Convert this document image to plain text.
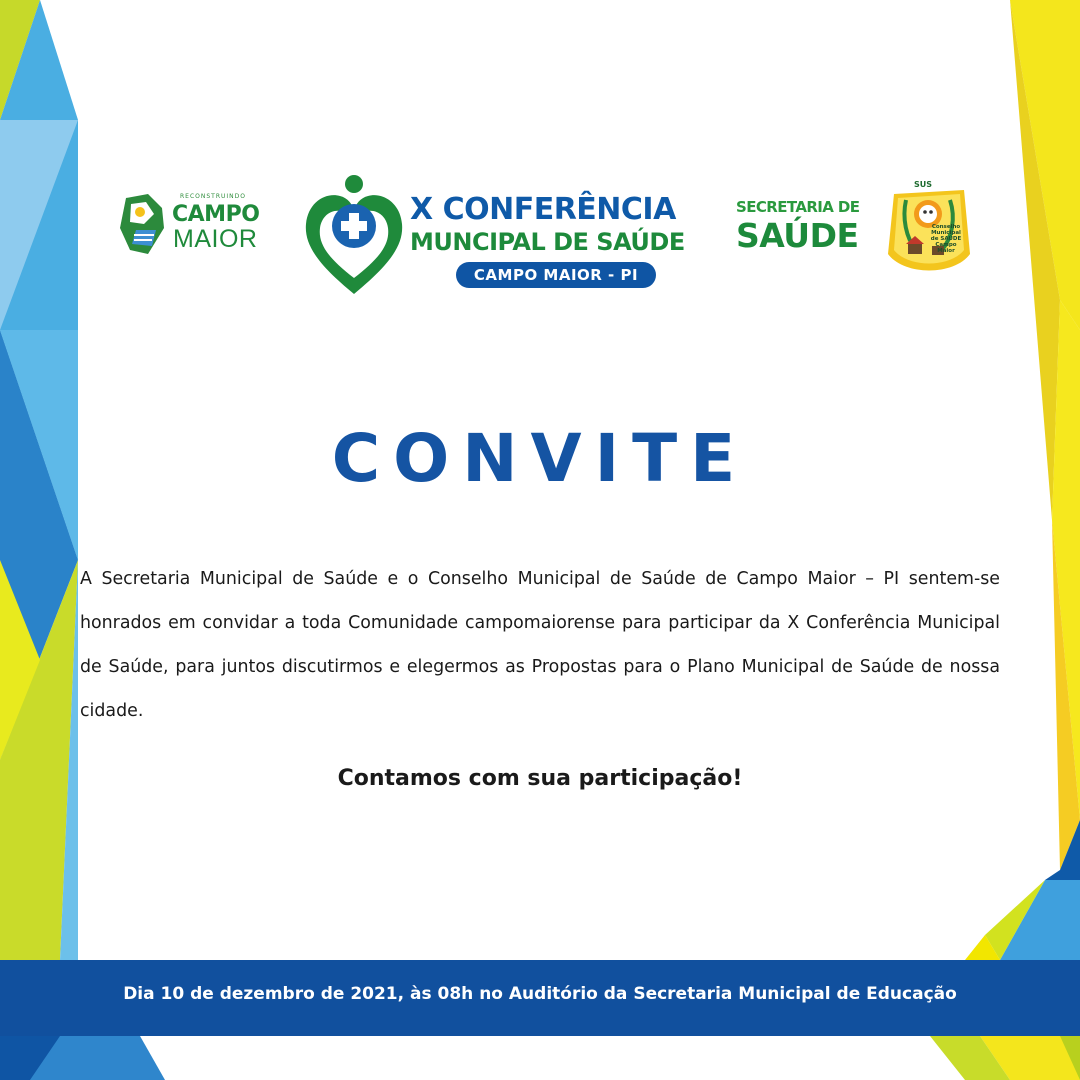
RECONSTRUINDO
CAMPO
MAIOR
X CONFERÊNCIA
MUNCIPAL DE SAÚDE
CAMPO MAIOR - PI
SECRETARIA DE
SAÚDE
SUS
Conselho Municipal de SAÚDE Campo Maior
CONVITE
A Secretaria Municipal de Saúde e o Conselho Municipal de Saúde de Campo Maior – PI sentem-se honrados em convidar a toda Comunidade campomaiorense para participar da X Conferência Municipal de Saúde, para juntos discutirmos e elegermos as Propostas para o Plano Municipal de Saúde de nossa cidade.
Contamos com sua participação!
Dia 10 de dezembro de 2021, às 08h no Auditório da Secretaria Municipal de Educação
